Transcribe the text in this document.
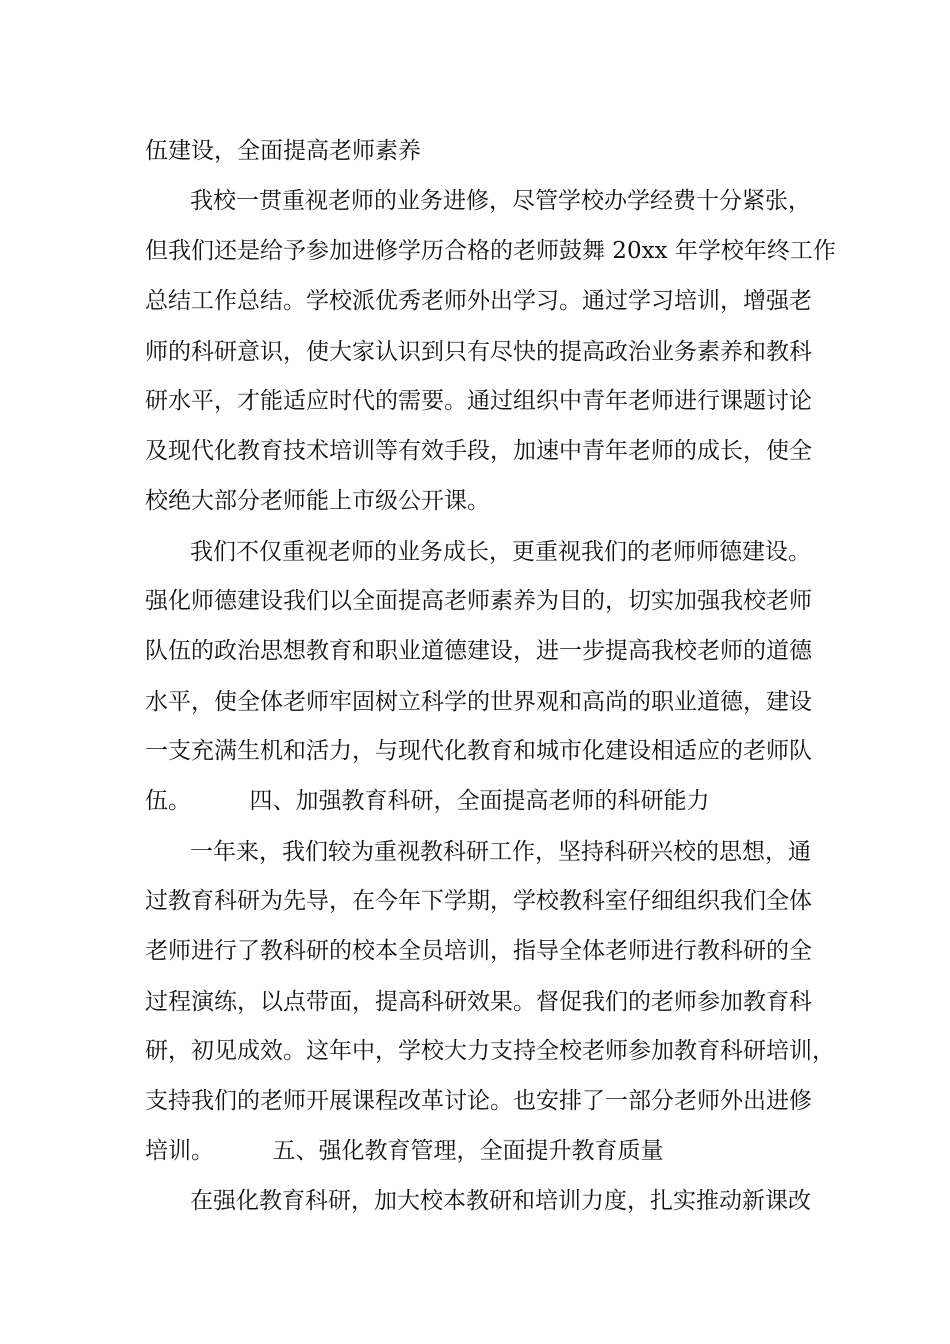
伍建设，全面提高老师素养

我校一贯重视老师的业务进修，尽管学校办学经费十分紧张，

但我们还是给予参加进修学历合格的老师鼓舞 20xx 年学校年终工作

总结工作总结。学校派优秀老师外出学习。通过学习培训，增强老

师的科研意识，使大家认识到只有尽快的提高政治业务素养和教科

研水平，才能适应时代的需要。通过组织中青年老师进行课题讨论

及现代化教育技术培训等有效手段，加速中青年老师的成长，使全

校绝大部分老师能上市级公开课。

我们不仅重视老师的业务成长，更重视我们的老师师德建设。

强化师德建设我们以全面提高老师素养为目的，切实加强我校老师

队伍的政治思想教育和职业道德建设，进一步提高我校老师的道德

水平，使全体老师牢固树立科学的世界观和高尚的职业道德，建设

一支充满生机和活力，与现代化教育和城市化建设相适应的老师队

伍。        四、加强教育科研，全面提高老师的科研能力

一年来，我们较为重视教科研工作，坚持科研兴校的思想，通

过教育科研为先导，在今年下学期，学校教科室仔细组织我们全体

老师进行了教科研的校本全员培训，指导全体老师进行教科研的全

过程演练，以点带面，提高科研效果。督促我们的老师参加教育科

研，初见成效。这年中，学校大力支持全校老师参加教育科研培训，

支持我们的老师开展课程改革讨论。也安排了一部分老师外出进修

培训。        五、强化教育管理，全面提升教育质量

在强化教育科研，加大校本教研和培训力度，扎实推动新课改
